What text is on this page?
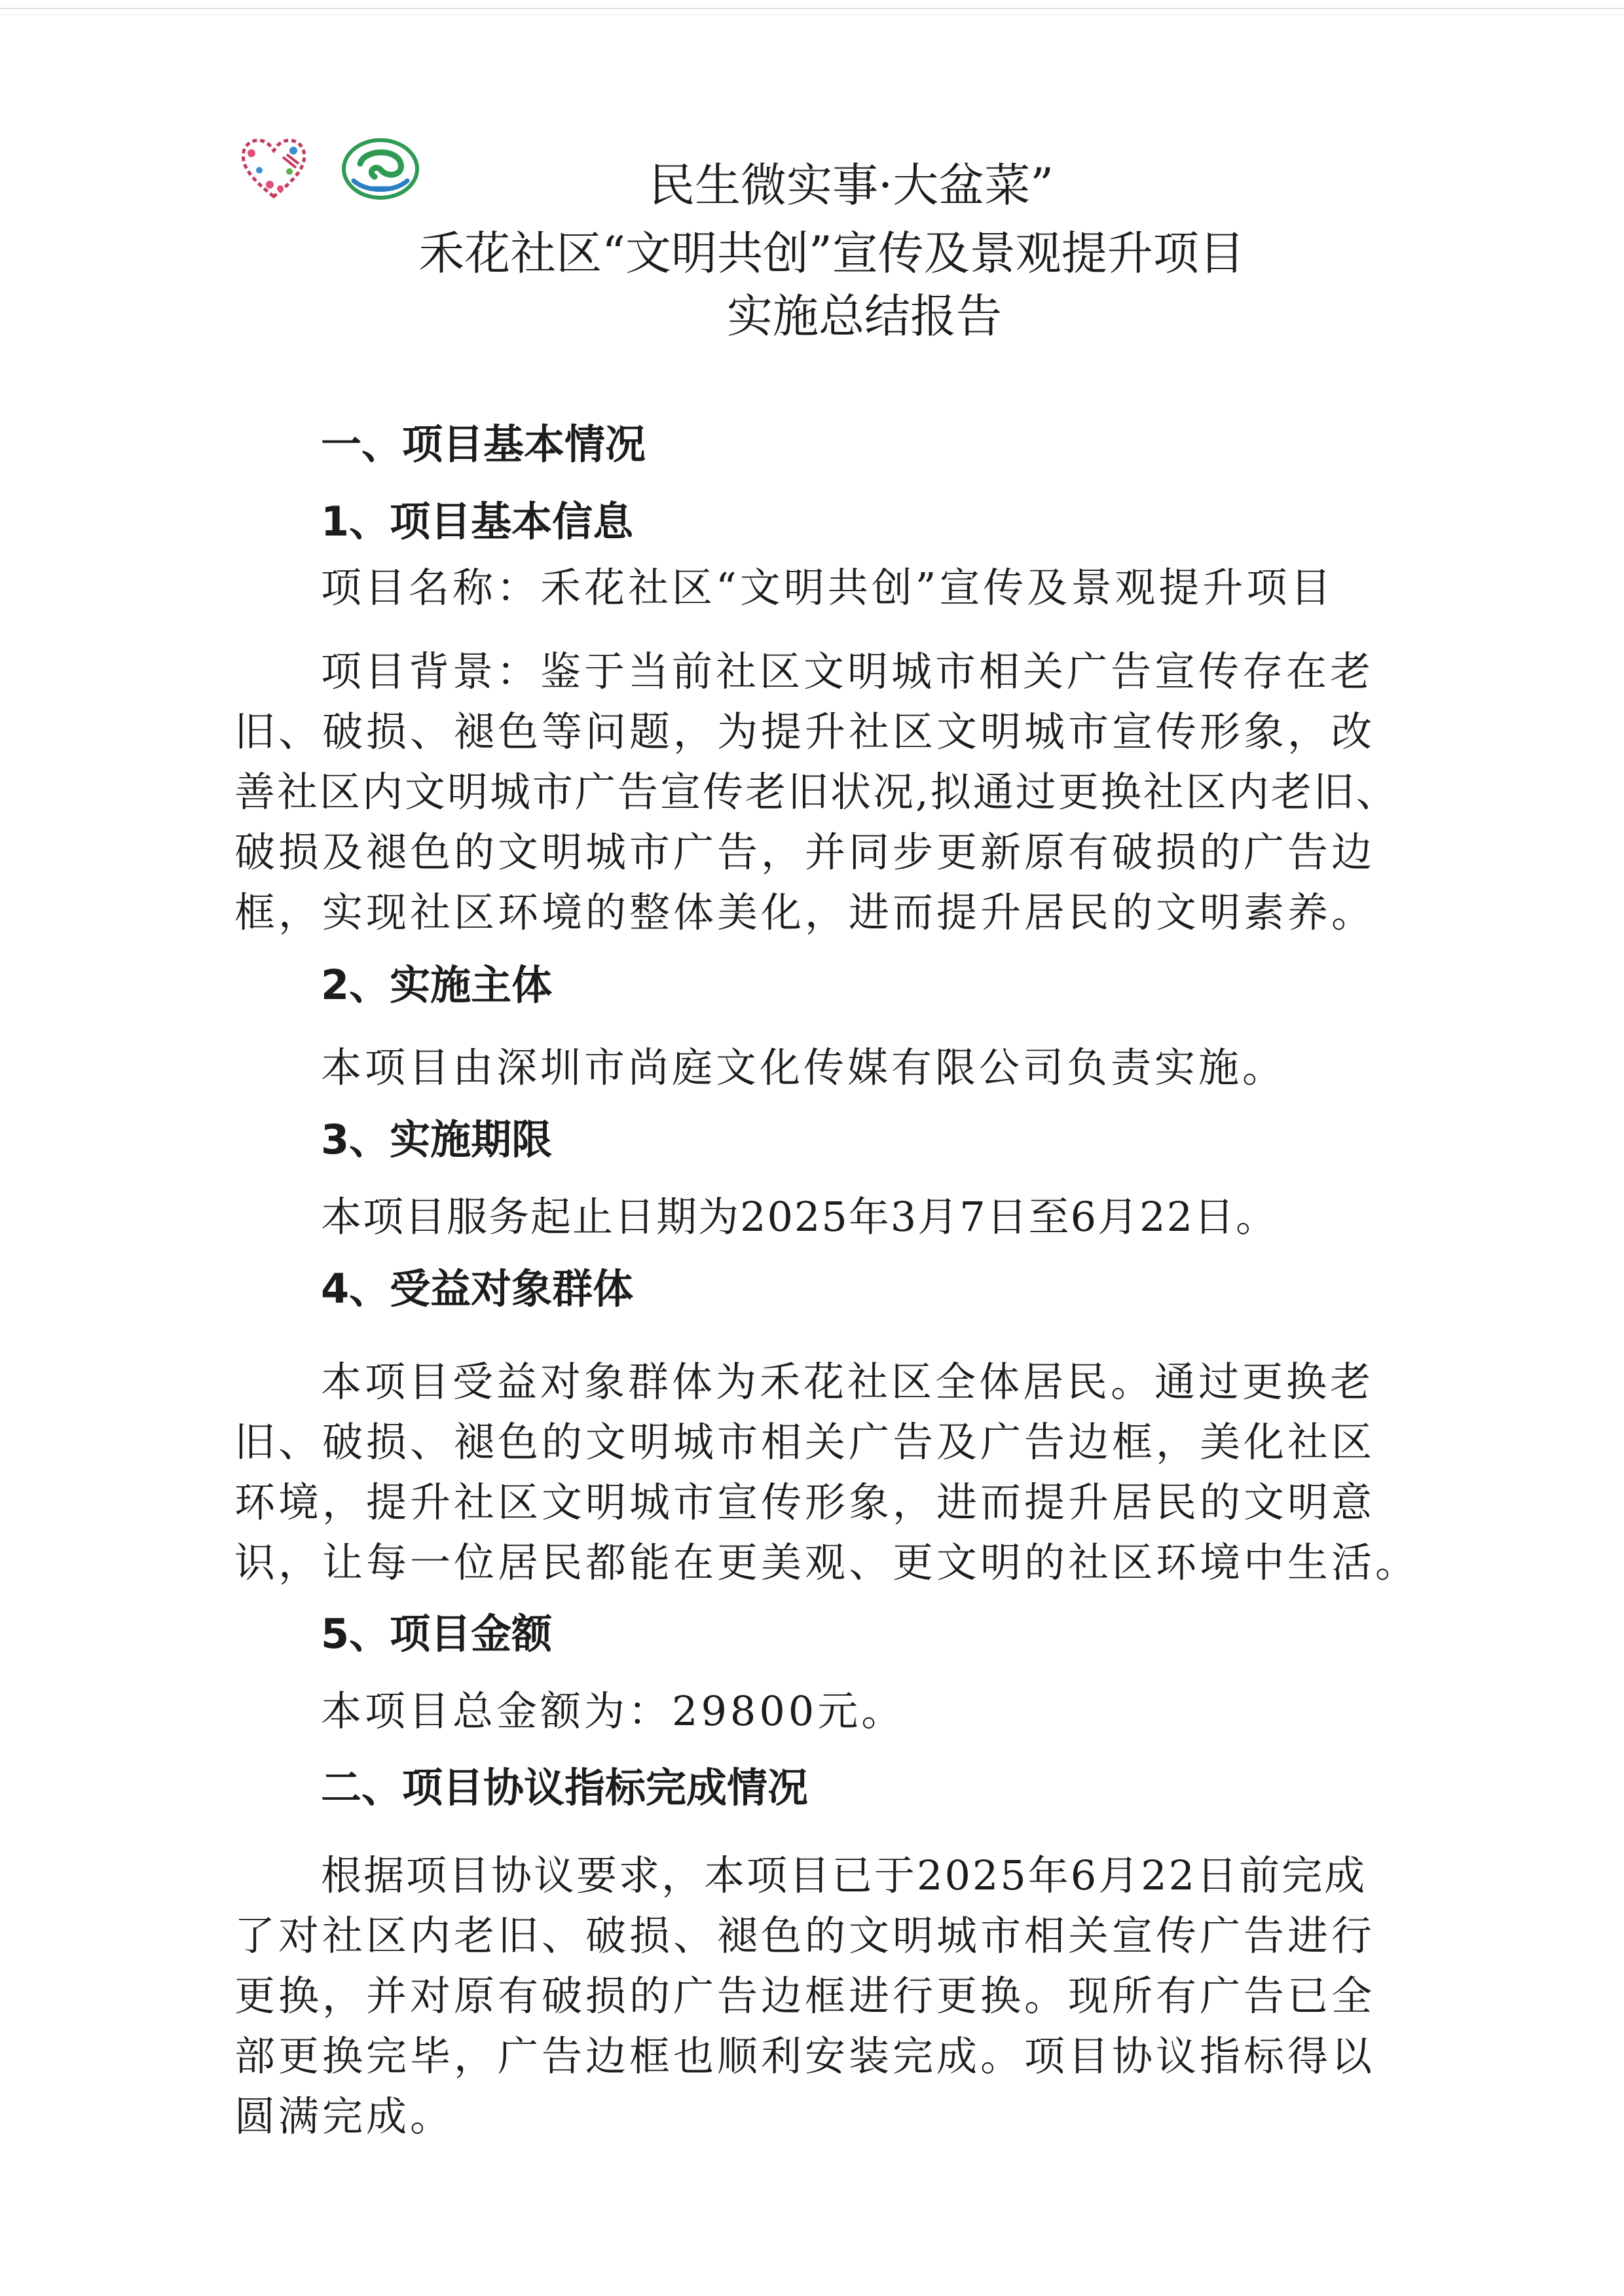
民生微实事·大盆菜”
禾花社区“文明共创”宣传及景观提升项目
实施总结报告
一、项目基本情况
1、项目基本信息
项目名称：禾花社区“文明共创”宣传及景观提升项目
项目背景：鉴于当前社区文明城市相关广告宣传存在老
旧、破损、褪色等问题，为提升社区文明城市宣传形象，改
善社区内文明城市广告宣传老旧状况,拟通过更换社区内老旧、
破损及褪色的文明城市广告，并同步更新原有破损的广告边
框，实现社区环境的整体美化，进而提升居民的文明素养。
2、实施主体
本项目由深圳市尚庭文化传媒有限公司负责实施。
3、实施期限
本项目服务起止日期为2025年3月7日至6月22日。
4、受益对象群体
本项目受益对象群体为禾花社区全体居民。通过更换老
旧、破损、褪色的文明城市相关广告及广告边框，美化社区
环境，提升社区文明城市宣传形象，进而提升居民的文明意
识，让每一位居民都能在更美观、更文明的社区环境中生活。
5、项目金额
本项目总金额为：29800元。
二、项目协议指标完成情况
根据项目协议要求，本项目已于2025年6月22日前完成
了对社区内老旧、破损、褪色的文明城市相关宣传广告进行
更换，并对原有破损的广告边框进行更换。现所有广告已全
部更换完毕，广告边框也顺利安装完成。项目协议指标得以
圆满完成。
